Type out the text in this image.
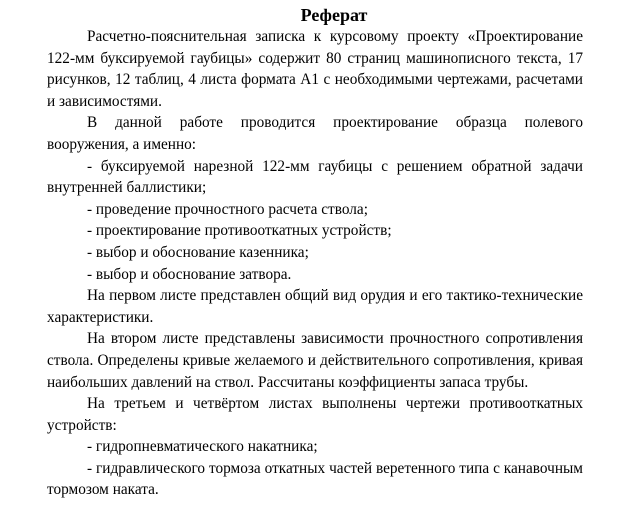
Реферат

Расчетно-пояснительная записка к курсовому проекту «Проектирование 122-мм буксируемой гаубицы» содержит 80 страниц машинописного текста, 17 рисунков, 12 таблиц, 4 листа формата А1 с необходимыми чертежами, расчетами и зависимостями.

В данной работе проводится проектирование образца полевого вооружения, а именно:

- буксируемой нарезной 122-мм гаубицы с решением обратной задачи внутренней баллистики;

- проведение прочностного расчета ствола;

- проектирование противооткатных устройств;

- выбор и обоснование казенника;

- выбор и обоснование затвора.

На первом листе представлен общий вид орудия и его тактико-технические характеристики.

На втором листе представлены зависимости прочностного сопротивления ствола. Определены кривые желаемого и действительного сопротивления, кривая наибольших давлений на ствол. Рассчитаны коэффициенты запаса трубы.

На третьем и четвёртом листах выполнены чертежи противооткатных устройств:

- гидропневматического накатника;

- гидравлического тормоза откатных частей веретенного типа с канавочным тормозом наката.
